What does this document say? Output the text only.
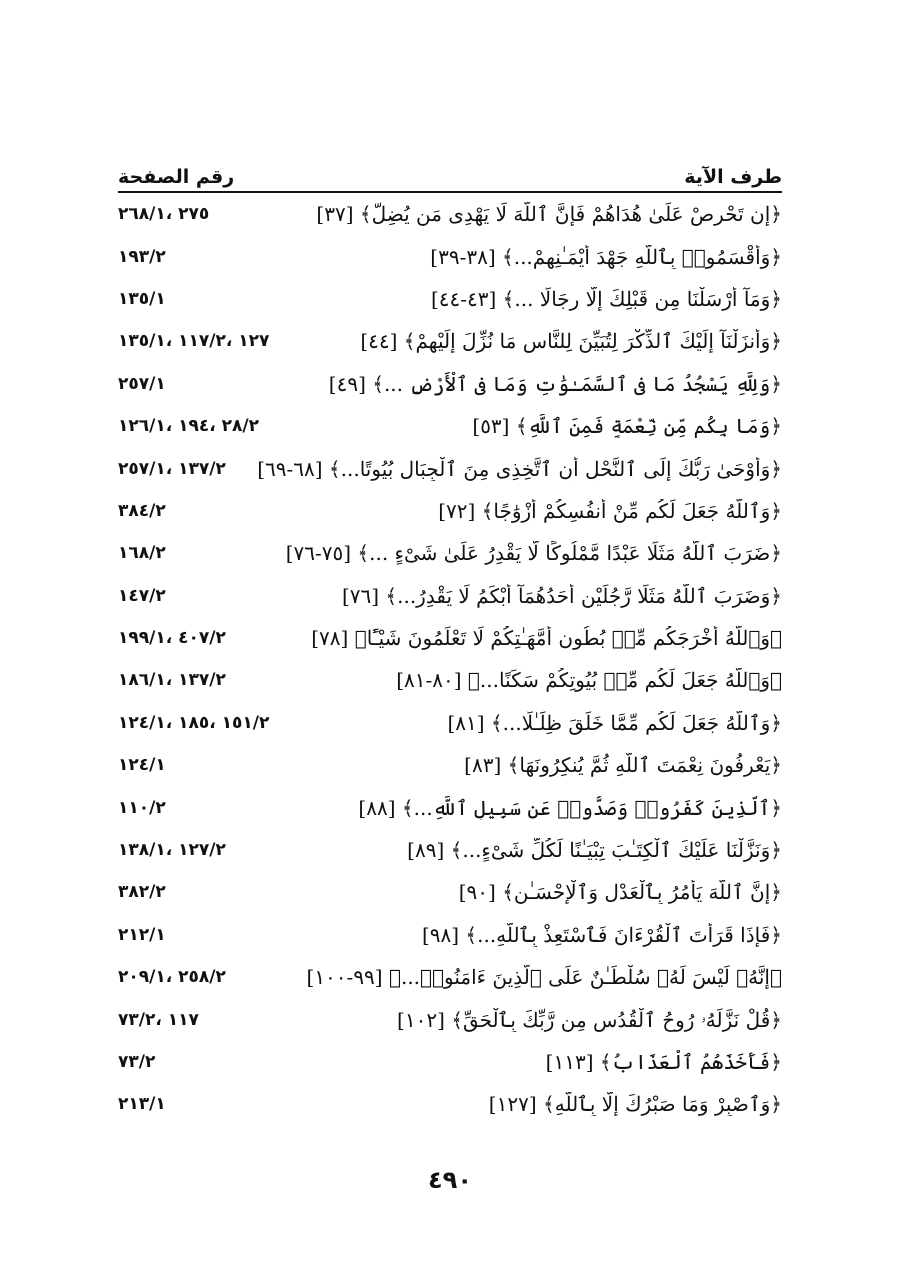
طرف الآية
رقم الصفحة
﴿إِن تَحْرِصْ عَلَىٰ هُدَاهُمْ فَإِنَّ ٱللَّهَ لَا يَهْدِى مَن يُضِلُّ﴾ [٣٧]
٢٧٥ ،٢٦٨/١
﴿وَأَقْسَمُوا۟ بِٱللَّهِ جَهْدَ أَيْمَـٰنِهِمْ...﴾ [٣٨-٣٩]
١٩٣/٢
﴿وَمَآ أَرْسَلْنَا مِن قَبْلِكَ إِلَّا رِجَالًا ...﴾ [٤٣-٤٤]
١٣٥/١
﴿وَأَنزَلْنَآ إِلَيْكَ ٱلذِّكْرَ لِتُبَيِّنَ لِلنَّاسِ مَا نُزِّلَ إِلَيْهِمْ﴾ [٤٤]
١٢٧ ،١١٧/٢ ،١٣٥/١
﴿وَلِلَّهِ يَسْجُدُ مَا فِى ٱلسَّمَـٰوَٰتِ وَمَا فِى ٱلْأَرْضِ ...﴾ [٤٩]
٢٥٧/١
﴿وَمَا بِكُم مِّن نِّعْمَةٍ فَمِنَ ٱللَّهِ﴾ [٥٣]
٢٨/٢ ،١٩٤ ،١٢٦/١
﴿وَأَوْحَىٰ رَبُّكَ إِلَى ٱلنَّحْلِ أَنِ ٱتَّخِذِى مِنَ ٱلْجِبَالِ بُيُوتًا...﴾ [٦٨-٦٩]
١٣٧/٢ ،٢٥٧/١
﴿وَٱللَّهُ جَعَلَ لَكُم مِّنْ أَنفُسِكُمْ أَزْوَٰجًا﴾ [٧٢]
٣٨٤/٢
﴿ضَرَبَ ٱللَّهُ مَثَلًا عَبْدًا مَّمْلُوكًا لَّا يَقْدِرُ عَلَىٰ شَىْءٍ ...﴾ [٧٥-٧٦]
١٦٨/٢
﴿وَضَرَبَ ٱللَّهُ مَثَلًا رَّجُلَيْنِ أَحَدُهُمَآ أَبْكَمُ لَا يَقْدِرُ...﴾ [٧٦]
١٤٧/٢
﴿وَٱللَّهُ أَخْرَجَكُم مِّنۢ بُطُونِ أُمَّهَـٰتِكُمْ لَا تَعْلَمُونَ شَيْـًٔا﴾ [٧٨]
٤٠٧/٢ ،١٩٩/١
﴿وَٱللَّهُ جَعَلَ لَكُم مِّنۢ بُيُوتِكُمْ سَكَنًا...﴾ [٨٠-٨١]
١٣٧/٢ ،١٨٦/١
﴿وَٱللَّهُ جَعَلَ لَكُم مِّمَّا خَلَقَ ظِلَـٰلًا...﴾ [٨١]
١٥١/٢ ،١٨٥ ،١٢٤/١
﴿يَعْرِفُونَ نِعْمَتَ ٱللَّهِ ثُمَّ يُنكِرُونَهَا﴾ [٨٣]
١٢٤/١
﴿ٱلَّذِينَ كَفَرُوا۟ وَصَدُّوا۟ عَن سَبِيلِ ٱللَّهِ...﴾ [٨٨]
١١٠/٢
﴿وَنَزَّلْنَا عَلَيْكَ ٱلْكِتَـٰبَ تِبْيَـٰنًا لِّكُلِّ شَىْءٍ...﴾ [٨٩]
١٢٧/٢ ،١٣٨/١
﴿إِنَّ ٱللَّهَ يَأْمُرُ بِٱلْعَدْلِ وَٱلْإِحْسَـٰنِ﴾ [٩٠]
٣٨٢/٢
﴿فَإِذَا قَرَأْتَ ٱلْقُرْءَانَ فَٱسْتَعِذْ بِٱللَّهِ...﴾ [٩٨]
٢١٢/١
﴿إِنَّهُۥ لَيْسَ لَهُۥ سُلْطَـٰنٌ عَلَى ٱلَّذِينَ ءَامَنُوا۟...﴾ [٩٩-١٠٠]
٢٥٨/٢ ،٢٠٩/١
﴿قُلْ نَزَّلَهُۥ رُوحُ ٱلْقُدُسِ مِن رَّبِّكَ بِٱلْحَقِّ﴾ [١٠٢]
١١٧ ،٧٣/٢
﴿فَأَخَذَهُمُ ٱلْعَذَابُ﴾ [١١٣]
٧٣/٢
﴿وَٱصْبِرْ وَمَا صَبْرُكَ إِلَّا بِٱللَّهِ﴾ [١٢٧]
٢١٣/١
٤٩٠
